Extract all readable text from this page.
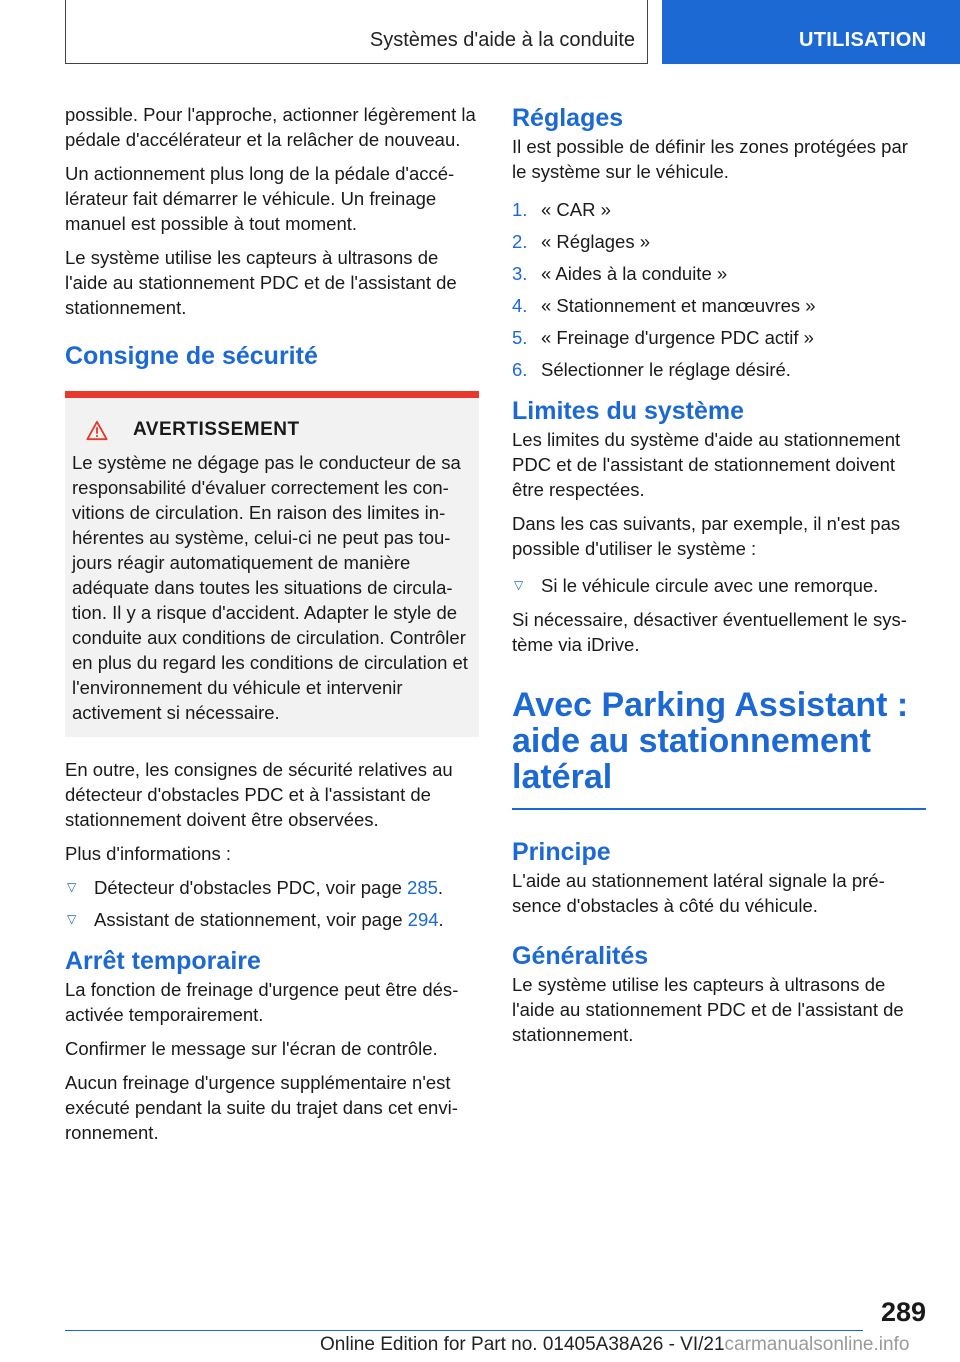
Systèmes d'aide à la conduite	UTILISATION

possible. Pour l'approche, actionner légèrement la pédale d'accélérateur et la relâcher de nouveau.

Un actionnement plus long de la pédale d'accélérateur fait démarrer le véhicule. Un freinage manuel est possible à tout moment.

Le système utilise les capteurs à ultrasons de l'aide au stationnement PDC et de l'assistant de stationnement.

Consigne de sécurité
AVERTISSEMENT

Le système ne dégage pas le conducteur de sa responsabilité d'évaluer correctement les convitions de circulation. En raison des limites inhérentes au système, celui-ci ne peut pas toujours réagir automatiquement de manière adéquate dans toutes les situations de circulation. Il y a risque d'accident. Adapter le style de conduite aux conditions de circulation. Contrôler en plus du regard les conditions de circulation et l'environnement du véhicule et intervenir activement si nécessaire.

En outre, les consignes de sécurité relatives au détecteur d'obstacles PDC et à l'assistant de stationnement doivent être observées.

Plus d'informations :

▽ Détecteur d'obstacles PDC, voir page 285.
▽ Assistant de stationnement, voir page 294.
Arrêt temporaire

La fonction de freinage d'urgence peut être désactivée temporairement.

Confirmer le message sur l'écran de contrôle.

Aucun freinage d'urgence supplémentaire n'est exécuté pendant la suite du trajet dans cet environnement.

Réglages

Il est possible de définir les zones protégées par le système sur le véhicule.

1. « CAR »
2. « Réglages »
3. « Aides à la conduite »
4. « Stationnement et manœuvres »
5. « Freinage d'urgence PDC actif »
6. Sélectionner le réglage désiré.
Limites du système

Les limites du système d'aide au stationnement PDC et de l'assistant de stationnement doivent être respectées.

Dans les cas suivants, par exemple, il n'est pas possible d'utiliser le système :

▽ Si le véhicule circule avec une remorque.

Si nécessaire, désactiver éventuellement le système via iDrive.

Avec Parking Assistant : aide au stationnement latéral
Principe

L'aide au stationnement latéral signale la présence d'obstacles à côté du véhicule.

Généralités

Le système utilise les capteurs à ultrasons de l'aide au stationnement PDC et de l'assistant de stationnement.

289
Online Edition for Part no. 01405A38A26 - VI/21carmanualsonline.info
